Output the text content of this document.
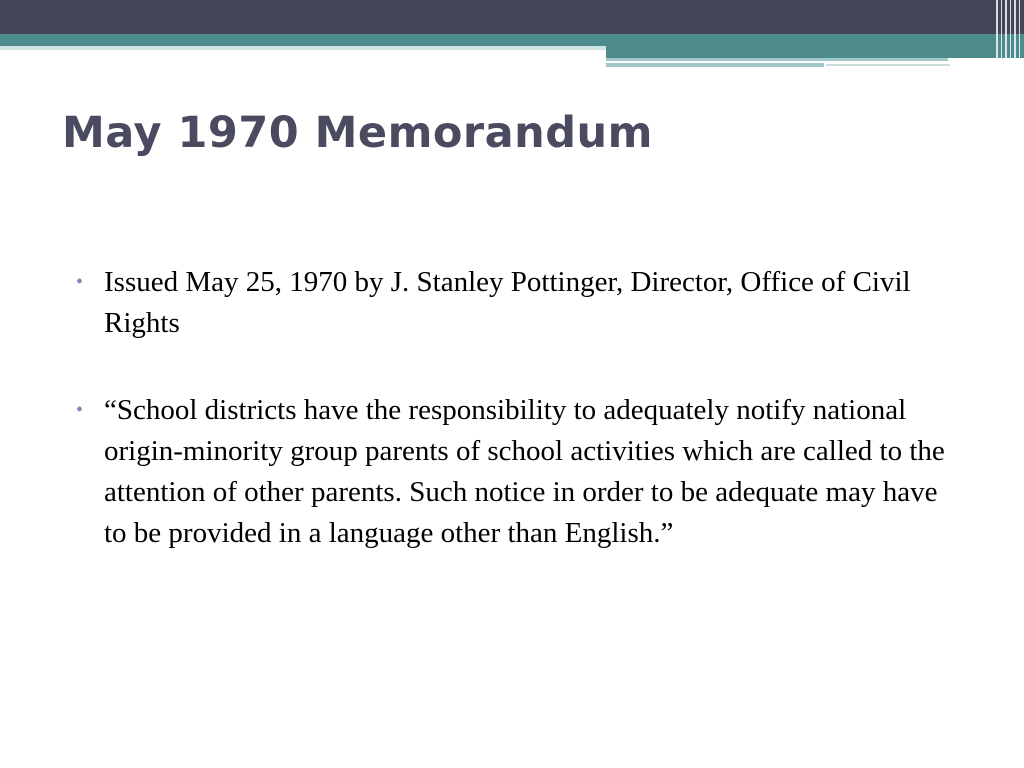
May 1970 Memorandum

• Issued May 25, 1970 by J. Stanley Pottinger, Director, Office of Civil Rights

• “School districts have the responsibility to adequately notify national origin-minority group parents of school activities which are called to the attention of other parents. Such notice in order to be adequate may have to be provided in a language other than English.”
